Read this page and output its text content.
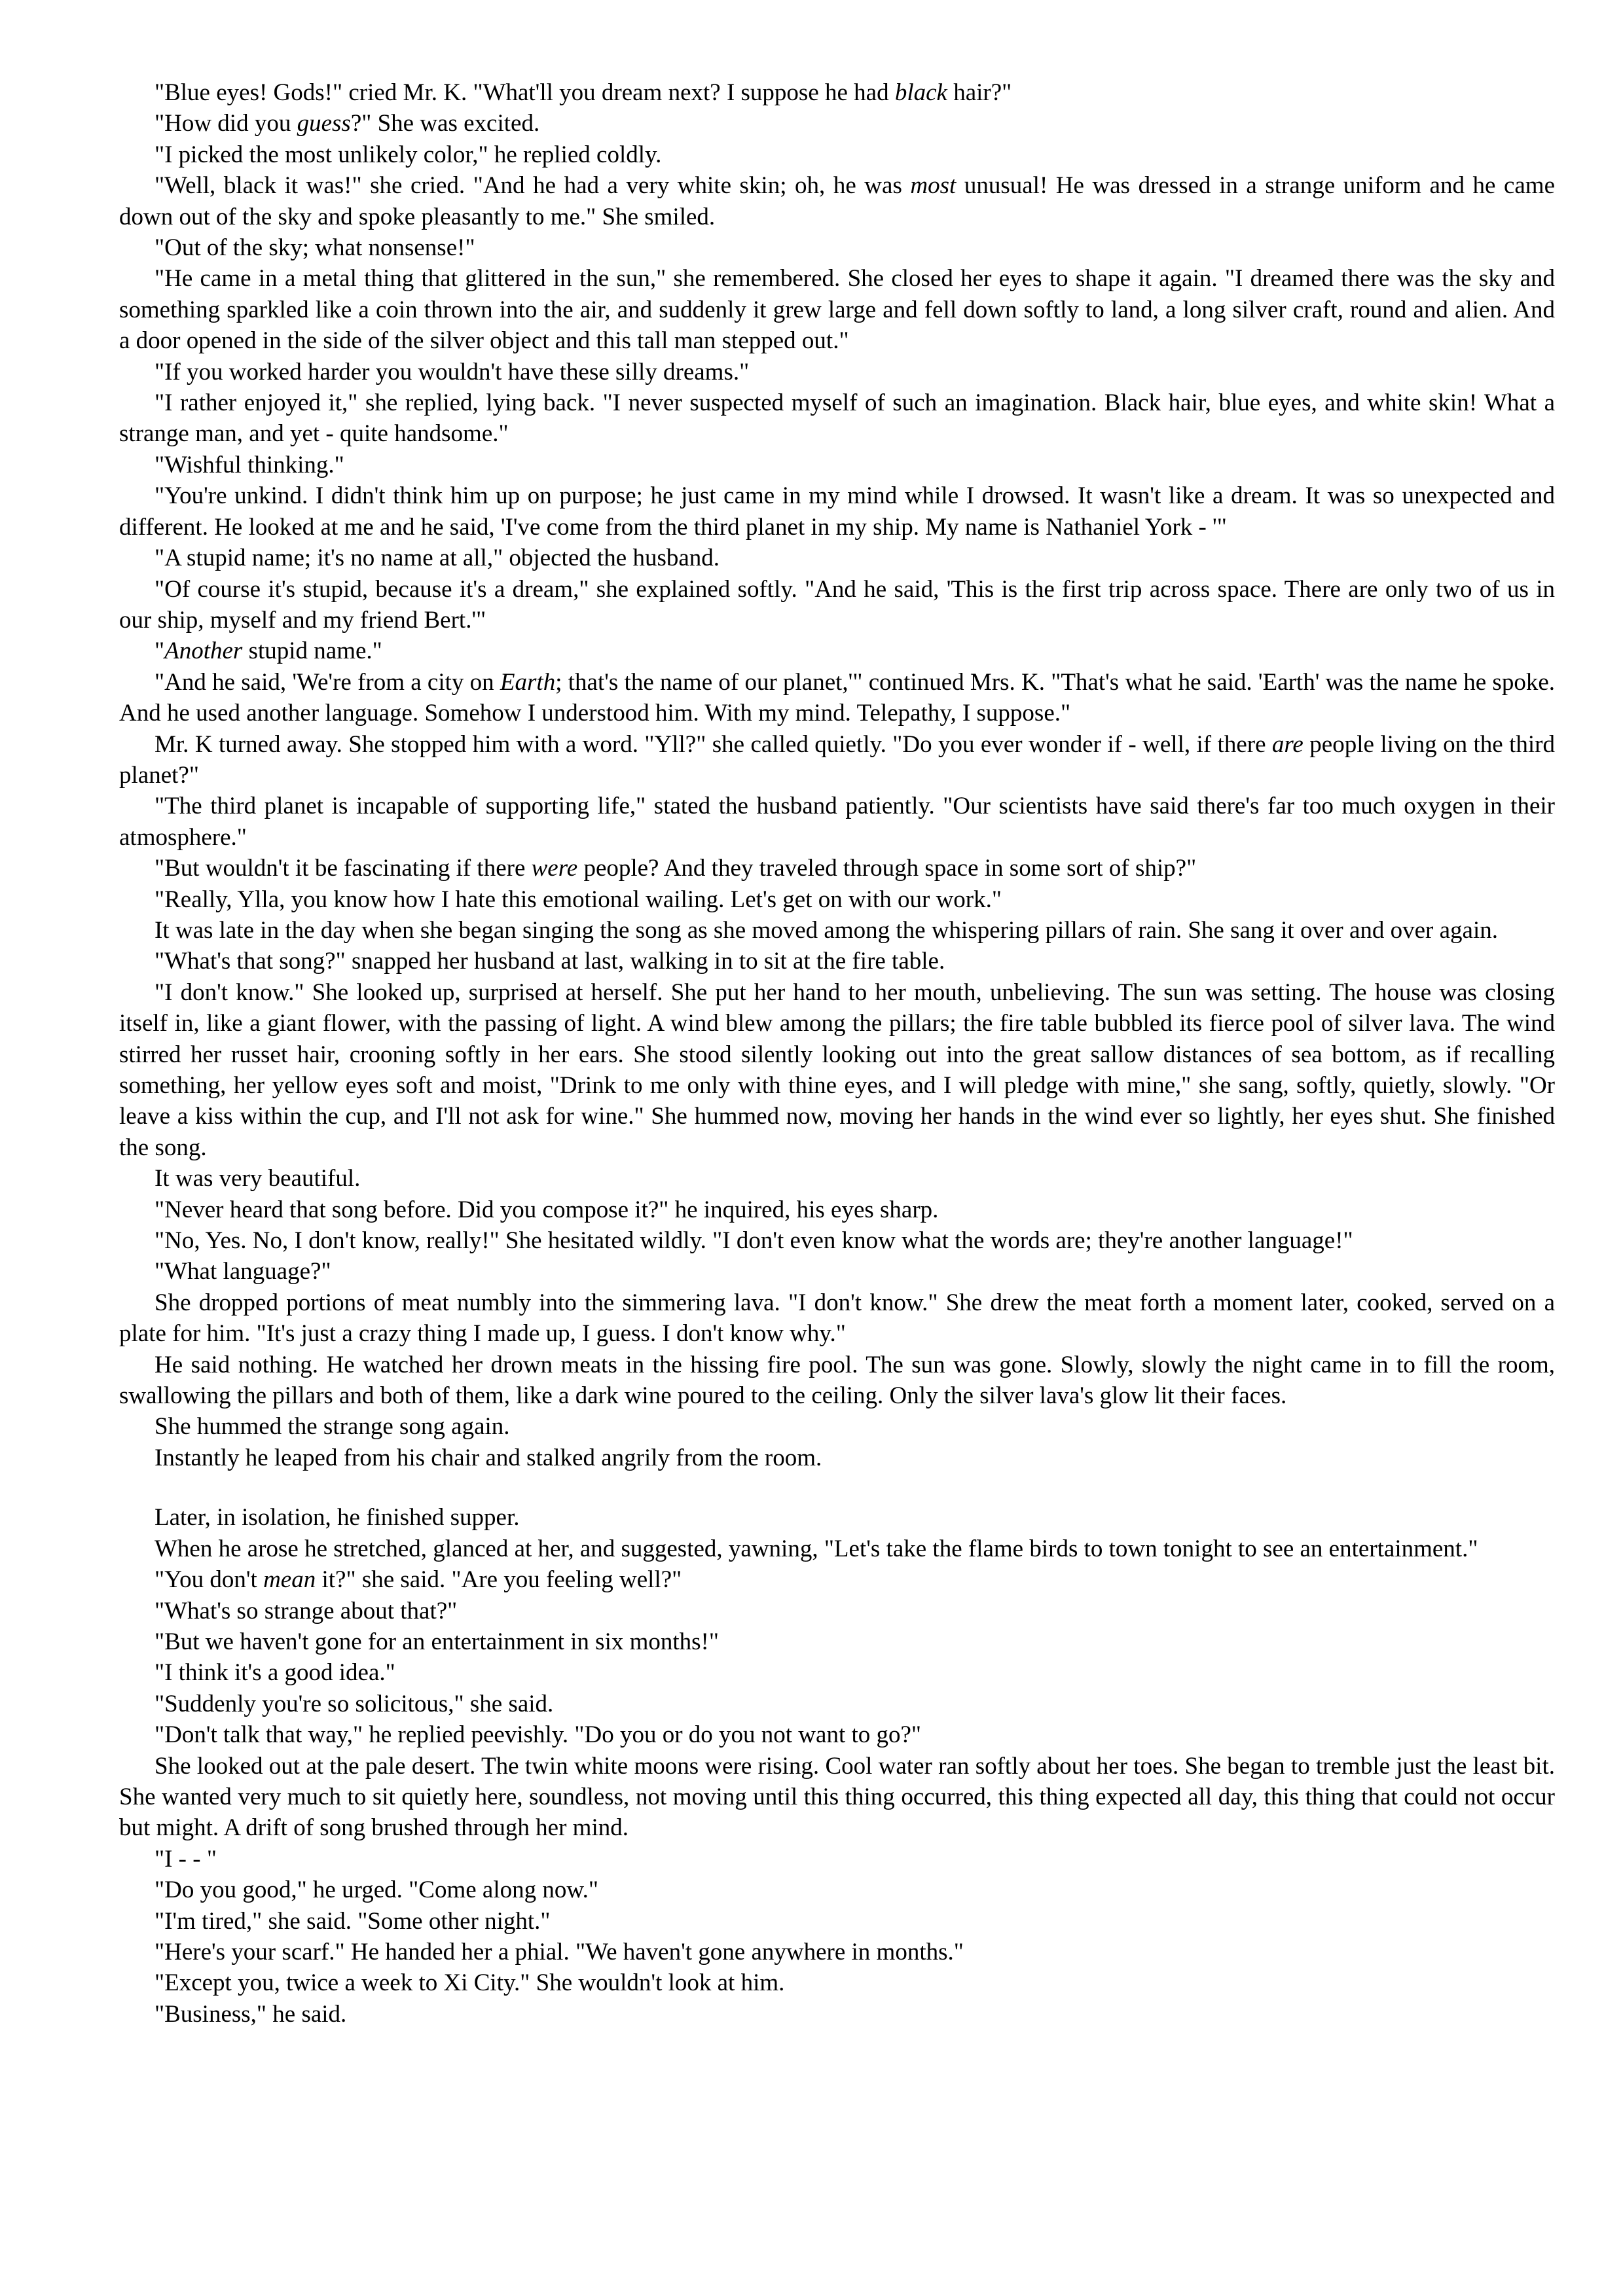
"Blue eyes! Gods!" cried Mr. K. "What'll you dream next? I suppose he had black hair?"

"How did you guess?" She was excited.

"I picked the most unlikely color," he replied coldly.

"Well, black it was!" she cried. "And he had a very white skin; oh, he was most unusual! He was dressed in a strange uniform and he came down out of the sky and spoke pleasantly to me." She smiled.

"Out of the sky; what nonsense!"

"He came in a metal thing that glittered in the sun," she remembered. She closed her eyes to shape it again. "I dreamed there was the sky and something sparkled like a coin thrown into the air, and suddenly it grew large and fell down softly to land, a long silver craft, round and alien. And a door opened in the side of the silver object and this tall man stepped out."

"If you worked harder you wouldn't have these silly dreams."

"I rather enjoyed it," she replied, lying back. "I never suspected myself of such an imagination. Black hair, blue eyes, and white skin! What a strange man, and yet - quite handsome."

"Wishful thinking."

"You're unkind. I didn't think him up on purpose; he just came in my mind while I drowsed. It wasn't like a dream. It was so unexpected and different. He looked at me and he said, 'I've come from the third planet in my ship. My name is Nathaniel York - '"

"A stupid name; it's no name at all," objected the husband.

"Of course it's stupid, because it's a dream," she explained softly. "And he said, 'This is the first trip across space. There are only two of us in our ship, myself and my friend Bert.'"

"Another stupid name."

"And he said, 'We're from a city on Earth; that's the name of our planet,'" continued Mrs. K. "That's what he said. 'Earth' was the name he spoke. And he used another language. Somehow I understood him. With my mind. Telepathy, I suppose."

Mr. K turned away. She stopped him with a word. "Yll?" she called quietly. "Do you ever wonder if - well, if there are people living on the third planet?"

"The third planet is incapable of supporting life," stated the husband patiently. "Our scientists have said there's far too much oxygen in their atmosphere."

"But wouldn't it be fascinating if there were people? And they traveled through space in some sort of ship?"

"Really, Ylla, you know how I hate this emotional wailing. Let's get on with our work."

It was late in the day when she began singing the song as she moved among the whispering pillars of rain. She sang it over and over again.

"What's that song?" snapped her husband at last, walking in to sit at the fire table.

"I don't know." She looked up, surprised at herself. She put her hand to her mouth, unbelieving. The sun was setting. The house was closing itself in, like a giant flower, with the passing of light. A wind blew among the pillars; the fire table bubbled its fierce pool of silver lava. The wind stirred her russet hair, crooning softly in her ears. She stood silently looking out into the great sallow distances of sea bottom, as if recalling something, her yellow eyes soft and moist, "Drink to me only with thine eyes, and I will pledge with mine," she sang, softly, quietly, slowly. "Or leave a kiss within the cup, and I'll not ask for wine." She hummed now, moving her hands in the wind ever so lightly, her eyes shut. She finished the song.

It was very beautiful.

"Never heard that song before. Did you compose it?" he inquired, his eyes sharp.

"No, Yes. No, I don't know, really!" She hesitated wildly. "I don't even know what the words are; they're another language!"

"What language?"

She dropped portions of meat numbly into the simmering lava. "I don't know." She drew the meat forth a moment later, cooked, served on a plate for him. "It's just a crazy thing I made up, I guess. I don't know why."

He said nothing. He watched her drown meats in the hissing fire pool. The sun was gone. Slowly, slowly the night came in to fill the room, swallowing the pillars and both of them, like a dark wine poured to the ceiling. Only the silver lava's glow lit their faces.

She hummed the strange song again.

Instantly he leaped from his chair and stalked angrily from the room.

Later, in isolation, he finished supper.

When he arose he stretched, glanced at her, and suggested, yawning, "Let's take the flame birds to town tonight to see an entertainment."

"You don't mean it?" she said. "Are you feeling well?"

"What's so strange about that?"

"But we haven't gone for an entertainment in six months!"

"I think it's a good idea."

"Suddenly you're so solicitous," she said.

"Don't talk that way," he replied peevishly. "Do you or do you not want to go?"

She looked out at the pale desert. The twin white moons were rising. Cool water ran softly about her toes. She began to tremble just the least bit. She wanted very much to sit quietly here, soundless, not moving until this thing occurred, this thing expected all day, this thing that could not occur but might. A drift of song brushed through her mind.

"I - - "

"Do you good," he urged. "Come along now."

"I'm tired," she said. "Some other night."

"Here's your scarf." He handed her a phial. "We haven't gone anywhere in months."

"Except you, twice a week to Xi City." She wouldn't look at him.

"Business," he said.
